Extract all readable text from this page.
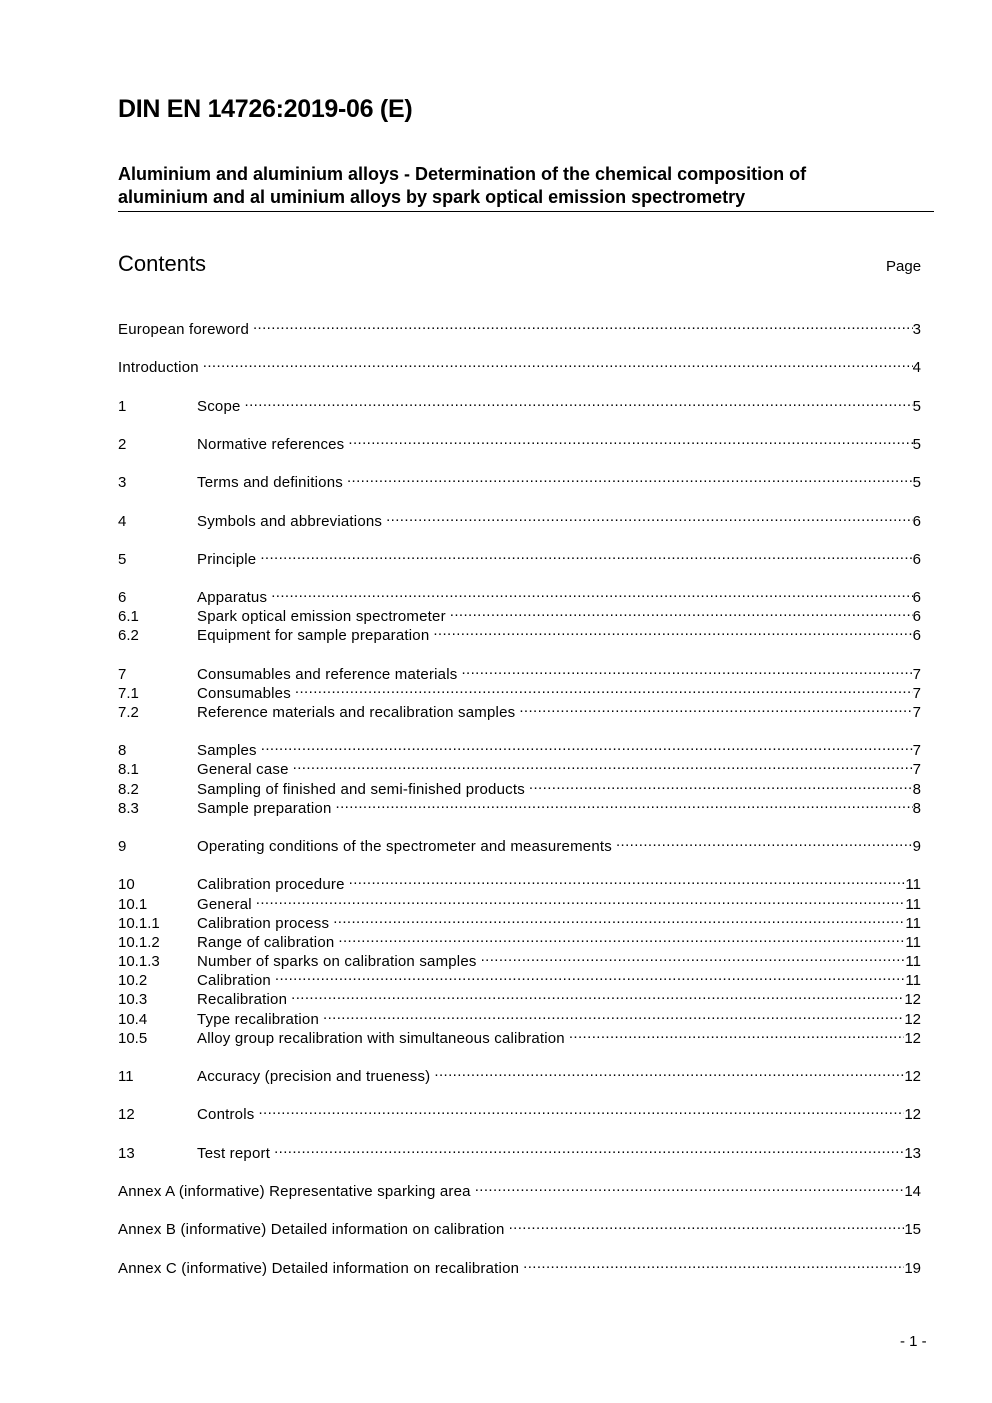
DIN EN 14726:2019-06 (E)
Aluminium and aluminium alloys - Determination of the chemical composition of
aluminium and al uminium alloys by spark optical emission spectrometry
Contents	Page
European foreword .....	3
Introduction .....	4
1	Scope .....	5
2	Normative references .....	5
3	Terms and definitions .....	5
4	Symbols and abbreviations .....	6
5	Principle .....	6
6	Apparatus .....	6
6.1	Spark optical emission spectrometer .....	6
6.2	Equipment for sample preparation .....	6
7	Consumables and reference materials .....	7
7.1	Consumables .....	7
7.2	Reference materials and recalibration samples .....	7
8	Samples .....	7
8.1	General case .....	7
8.2	Sampling of finished and semi-finished products .....	8
8.3	Sample preparation .....	8
9	Operating conditions of the spectrometer and measurements .....	9
10	Calibration procedure .....	11
10.1	General .....	11
10.1.1	Calibration process .....	11
10.1.2	Range of calibration .....	11
10.1.3	Number of sparks on calibration samples .....	11
10.2	Calibration .....	11
10.3	Recalibration .....	12
10.4	Type recalibration .....	12
10.5	Alloy group recalibration with simultaneous calibration .....	12
11	Accuracy (precision and trueness) .....	12
12	Controls .....	12
13	Test report .....	13
Annex A (informative) Representative sparking area .....	14
Annex B (informative) Detailed information on calibration .....	15
Annex C (informative) Detailed information on recalibration .....	19
- 1 -
